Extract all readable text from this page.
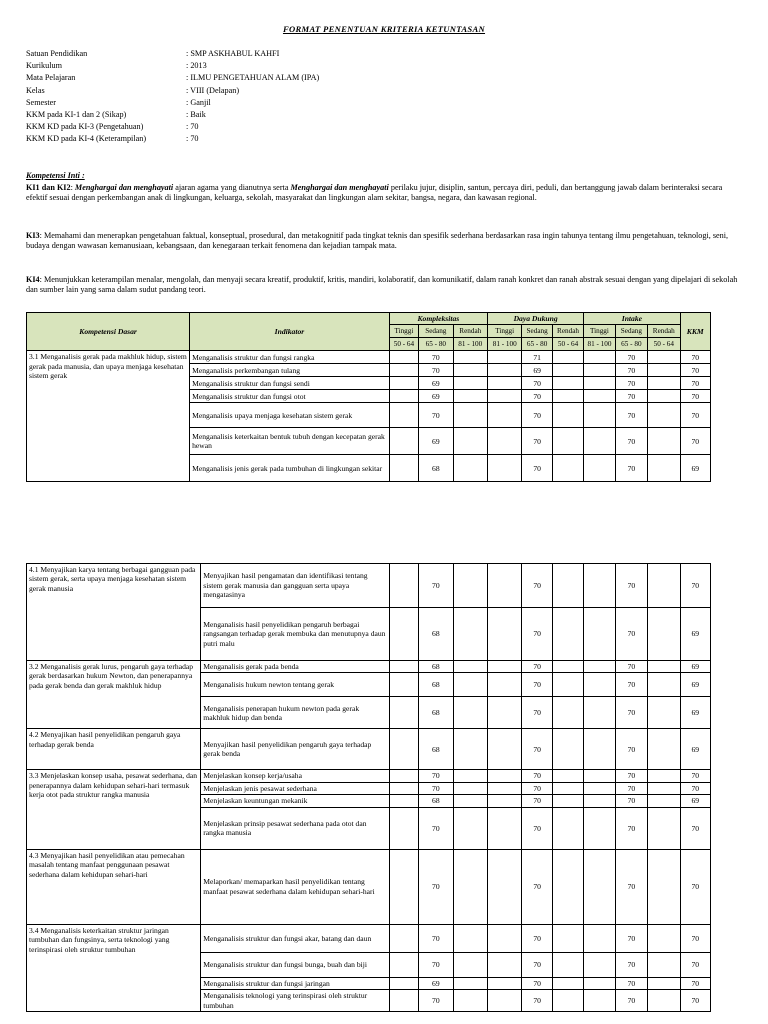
FORMAT PENENTUAN KRITERIA KETUNTASAN
Satuan Pendidikan	: SMP ASKHABUL KAHFI
Kurikulum	: 2013
Mata Pelajaran	: ILMU PENGETAHUAN ALAM (IPA)
Kelas	: VIII (Delapan)
Semester	: Ganjil
KKM pada KI-1 dan 2 (Sikap)	: Baik
KKM KD pada KI-3 (Pengetahuan)	: 70
KKM KD pada KI-4 (Keterampilan)	: 70
Kompetensi Inti :
KI1 dan KI2: Menghargai dan menghayati ajaran agama yang dianutnya serta Menghargai dan menghayati perilaku jujur, disiplin, santun, percaya diri, peduli, dan bertanggung jawab dalam berinteraksi secara efektif sesuai dengan perkembangan anak di lingkungan, keluarga, sekolah, masyarakat dan lingkungan alam sekitar, bangsa, negara, dan kawasan regional.
KI3: Memahami dan menerapkan pengetahuan faktual, konseptual, prosedural, dan metakognitif pada tingkat teknis dan spesifik sederhana berdasarkan rasa ingin tahunya tentang ilmu pengetahuan, teknologi, seni, budaya dengan wawasan kemanusiaan, kebangsaan, dan kenegaraan terkait fenomena dan kejadian tampak mata.
KI4: Menunjukkan keterampilan menalar, mengolah, dan menyaji secara kreatif, produktif, kritis, mandiri, kolaboratif, dan komunikatif, dalam ranah konkret dan ranah abstrak sesuai dengan yang dipelajari di sekolah dan sumber lain yang sama dalam sudut pandang teori.
Kompetensi Dasar	Indikator	Kompleksitas			Daya Dukung			Intake			KKM
		Tinggi	Sedang	Rendah	Tinggi	Sedang	Rendah	Tinggi	Sedang	Rendah	
		50 - 64	65 - 80	81 - 100	81 - 100	65 - 80	50 - 64	81 - 100	65 - 80	50 - 64	
3.1 Menganalisis gerak pada makhluk hidup, sistem gerak pada manusia, dan upaya menjaga kesehatan sistem gerak	Menganalisis struktur dan fungsi rangka		70			71			70		70
	Menganalisis perkembangan tulang		70			69			70		70
	Menganalisis struktur dan fungsi sendi		69			70			70		70
	Menganalisis struktur dan fungsi otot		69			70			70		70
	Menganalisis upaya menjaga kesehatan sistem gerak		70			70			70		70
	Menganalisis keterkaitan bentuk tubuh dengan kecepatan gerak hewan		69			70			70		70
	Menganalisis jenis gerak pada tumbuhan di lingkungan sekitar		68			70			70		69
4.1 Menyajikan karya tentang berbagai gangguan pada sistem gerak, serta upaya menjaga kesehatan sistem gerak manusia	Menyajikan hasil pengamatan dan identifikasi tentang sistem gerak manusia dan gangguan serta upaya mengatasinya		70			70			70		70
	Menganalisis hasil penyelidikan pengaruh berbagai rangsangan terhadap gerak membuka dan menutupnya daun putri malu		68			70			70		69
3.2 Menganalisis gerak lurus, pengaruh gaya terhadap gerak berdasarkan hukum Newton, dan penerapannya pada gerak benda dan gerak makhluk hidup	Menganalisis gerak pada benda		68			70			70		69
	Menganalisis hukum newton tentang gerak		68			70			70		69
	Menganalisis penerapan hukum newton pada gerak makhluk hidup dan benda		68			70			70		69
4.2 Menyajikan hasil penyelidikan pengaruh gaya terhadap gerak benda	Menyajikan hasil penyelidikan pengaruh gaya terhadap gerak benda		68			70			70		69
3.3 Menjelaskan konsep usaha, pesawat sederhana, dan penerapannya dalam kehidupan sehari-hari termasuk kerja otot pada struktur rangka manusia	Menjelaskan konsep kerja/usaha		70			70			70		70
	Menjelaskan jenis pesawat sederhana		70			70			70		70
	Menjelaskan keuntungan mekanik		68			70			70		69
	Menjelaskan prinsip pesawat sederhana pada otot dan rangka manusia		70			70			70		70
4.3 Menyajikan hasil penyelidikan atau pemecahan masalah tentang manfaat penggunaan pesawat sederhana dalam kehidupan sehari-hari	Melaporkan/ memaparkan hasil penyelidikan tentang manfaat pesawat sederhana dalam kehidupan sehari-hari		70			70			70		70
3.4 Menganalisis keterkaitan struktur jaringan tumbuhan dan fungsinya, serta teknologi yang terinspirasi oleh struktur tumbuhan	Menganalisis struktur dan fungsi akar, batang dan daun		70			70			70		70
	Menganalisis struktur dan fungsi bunga, buah dan biji		70			70			70		70
	Menganalisis struktur dan fungsi jaringan		69			70			70		70
	Menganalisis teknologi yang terinspirasi oleh struktur tumbuhan		70			70			70		70
